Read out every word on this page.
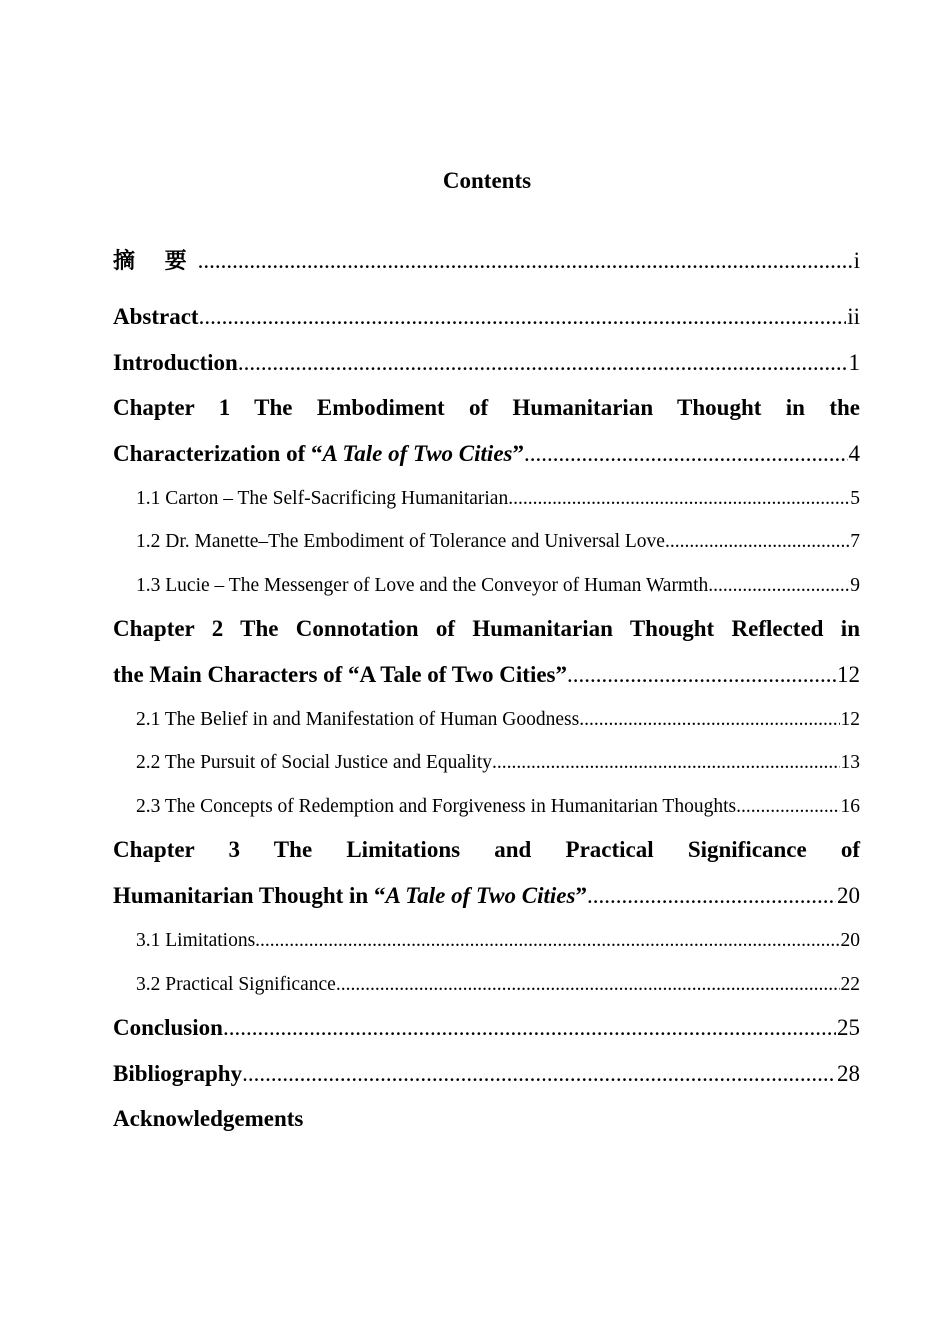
Contents
摘 要 .....	i
Abstract .....	ii
Introduction .....	1
Chapter 1 The Embodiment of Humanitarian Thought in the
Characterization of “A Tale of Two Cities” .....	4
1.1 Carton – The Self-Sacrificing Humanitarian .....	5
1.2 Dr. Manette–The Embodiment of Tolerance and Universal Love .....	7
1.3 Lucie – The Messenger of Love and the Conveyor of Human Warmth .....	9
Chapter 2 The Connotation of Humanitarian Thought Reflected in
the Main Characters of “A Tale of Two Cities” .....	12
2.1 The Belief in and Manifestation of Human Goodness .....	12
2.2 The Pursuit of Social Justice and Equality .....	13
2.3 The Concepts of Redemption and Forgiveness in Humanitarian Thoughts .....	16
Chapter 3 The Limitations and Practical Significance of
Humanitarian Thought in “A Tale of Two Cities” .....	20
3.1 Limitations .....	20
3.2 Practical Significance .....	22
Conclusion .....	25
Bibliography .....	28
Acknowledgements
